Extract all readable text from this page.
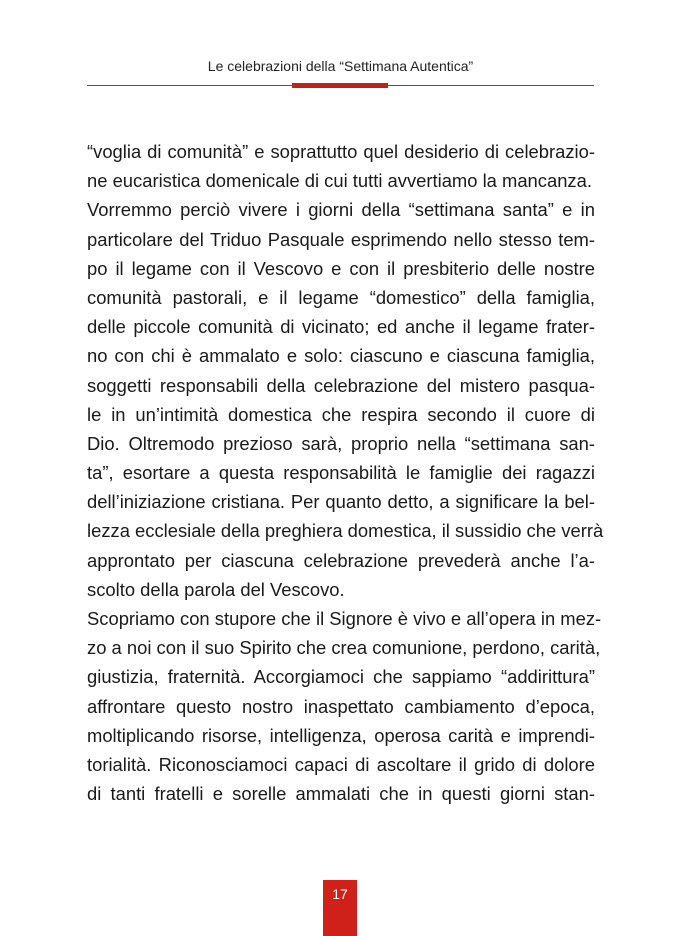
Le celebrazioni della “Settimana Autentica”
“voglia di comunità” e soprattutto quel desiderio di celebrazio-
ne eucaristica domenicale di cui tutti avvertiamo la mancanza.
Vorremmo perciò vivere i giorni della “settimana santa” e in
particolare del Triduo Pasquale esprimendo nello stesso tem-
po il legame con il Vescovo e con il presbiterio delle nostre
comunità pastorali, e il legame “domestico” della famiglia,
delle piccole comunità di vicinato; ed anche il legame frater-
no con chi è ammalato e solo: ciascuno e ciascuna famiglia,
soggetti responsabili della celebrazione del mistero pasqua-
le in un’intimità domestica che respira secondo il cuore di
Dio. Oltremodo prezioso sarà, proprio nella “settimana san-
ta”, esortare a questa responsabilità le famiglie dei ragazzi
dell’iniziazione cristiana. Per quanto detto, a significare la bel-
lezza ecclesiale della preghiera domestica, il sussidio che verrà
approntato per ciascuna celebrazione prevederà anche l’a-
scolto della parola del Vescovo.
Scopriamo con stupore che il Signore è vivo e all’opera in mez-
zo a noi con il suo Spirito che crea comunione, perdono, carità,
giustizia, fraternità. Accorgiamoci che sappiamo “addirittura”
affrontare questo nostro inaspettato cambiamento d’epoca,
moltiplicando risorse, intelligenza, operosa carità e imprendi-
torialità. Riconosciamoci capaci di ascoltare il grido di dolore
di tanti fratelli e sorelle ammalati che in questi giorni stan-
17
